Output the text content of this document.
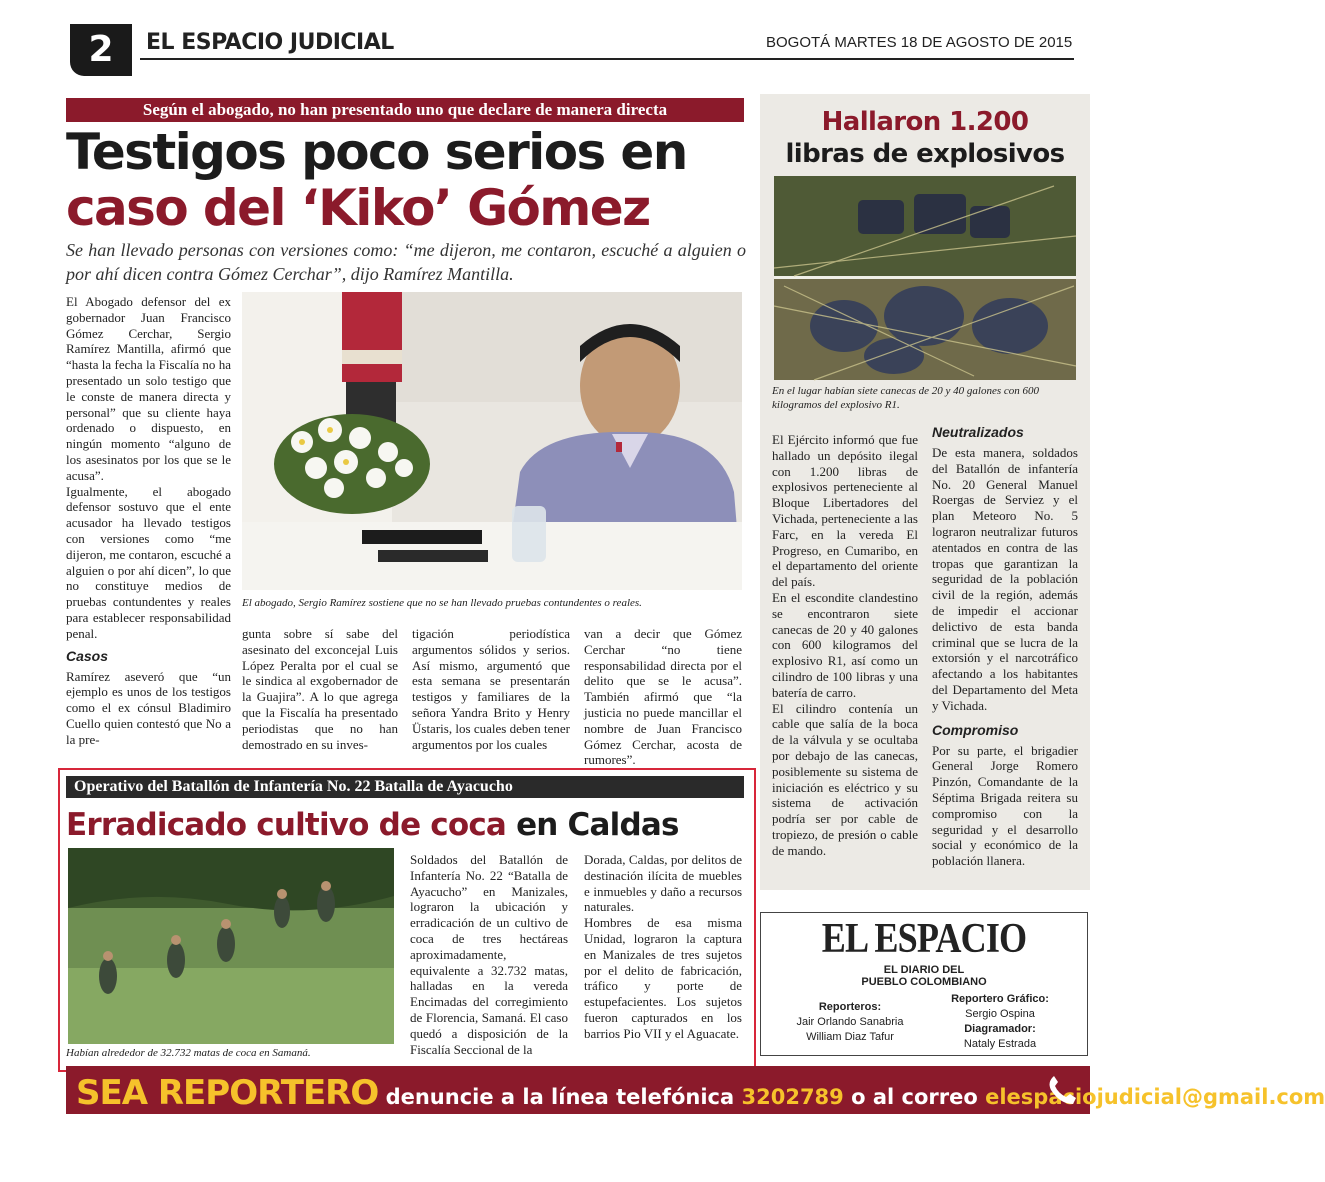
2	EL ESPACIO JUDICIAL	BOGOTÁ MARTES 18 DE AGOSTO DE 2015
Según el abogado, no han presentado uno que declare de manera directa
Testigos poco serios en
caso del ‘Kiko’ Gómez
Se han llevado personas con versiones como: “me dijeron, me contaron, escuché a alguien o por ahí dicen contra Gómez Cerchar”, dijo Ramírez Mantilla.
El Abogado defensor del ex gobernador Juan Francisco Gómez Cerchar, Sergio Ramírez Mantilla, afirmó que “hasta la fecha la Fiscalía no ha presentado un solo testigo que le conste de manera directa y personal” que su cliente haya ordenado o dispuesto, en ningún momento “alguno de los asesinatos por los que se le acusa”.
Igualmente, el abogado defensor sostuvo que el ente acusador ha llevado testigos con versiones como “me dijeron, me contaron, escuché a alguien o por ahí dicen”, lo que no constituye medios de pruebas contundentes y reales para establecer responsabilidad penal.
Casos
Ramírez aseveró que “un ejemplo es unos de los testigos como el ex cónsul Bladimiro Cuello quien contestó que No a la pre-
El abogado, Sergio Ramírez sostiene que no se han llevado pruebas contundentes o reales.
gunta sobre sí sabe del asesinato del exconcejal Luis López Peralta por el cual se le sindica al exgobernador de la Guajira”. A lo que agrega que la Fiscalía ha presentado periodistas que no han demostrado en su inves-
tigación periodística argumentos sólidos y serios. Así mismo, argumentó que esta semana se presentarán testigos y familiares de la señora Yandra Brito y Henry Üstaris, los cuales deben tener argumentos por los cuales
van a decir que Gómez Cerchar “no tiene responsabilidad directa por el delito que se le acusa”. También afirmó que “la justicia no puede mancillar el nombre de Juan Francisco Gómez Cerchar, acosta de rumores”.
Hallaron 1.200
libras de explosivos
En el lugar habían siete canecas de 20 y 40 galones con 600 kilogramos del explosivo R1.
El Ejército informó que fue hallado un depósito ilegal con 1.200 libras de explosivos perteneciente al Bloque Libertadores del Vichada, perteneciente a las Farc, en la vereda El Progreso, en Cumaribo, en el departamento del oriente del país.
En el escondite clandestino se encontraron siete canecas de 20 y 40 galones con 600 kilogramos del explosivo R1, así como un cilindro de 100 libras y una batería de carro.
El cilindro contenía un cable que salía de la boca de la válvula y se ocultaba por debajo de las canecas, posiblemente su sistema de iniciación es eléctrico y su sistema de activación podría ser por cable de tropiezo, de presión o cable de mando.
Neutralizados
De esta manera, soldados del Batallón de infantería No. 20 General Manuel Roergas de Serviez y el plan Meteoro No. 5 lograron neutralizar futuros atentados en contra de las tropas que garantizan la seguridad de la población civil de la región, además de impedir el accionar delictivo de esta banda criminal que se lucra de la extorsión y el narcotráfico afectando a los habitantes del Departamento del Meta y Vichada.
Compromiso
Por su parte, el brigadier General Jorge Romero Pinzón, Comandante de la Séptima Brigada reitera su compromiso con la seguridad y el desarrollo social y económico de la población llanera.
EL ESPACIO
EL DIARIO DEL
PUEBLO COLOMBIANO
Reporteros:
Jair Orlando Sanabria
William Diaz Tafur
Reportero Gráfico:
Sergio Ospina
Diagramador:
Nataly Estrada
Operativo del Batallón de Infantería No. 22 Batalla de Ayacucho
Erradicado cultivo de coca en Caldas
Habían alrededor de 32.732 matas de coca en Samaná.
Soldados del Batallón de Infantería No. 22 “Batalla de Ayacucho” en Manizales, lograron la ubicación y erradicación de un cultivo de coca de tres hectáreas aproximadamente, equivalente a 32.732 matas, halladas en la vereda Encimadas del corregimiento de Florencia, Samaná. El caso quedó a disposición de la Fiscalía Seccional de la
Dorada, Caldas, por delitos de destinación ilícita de muebles e inmuebles y daño a recursos naturales.
Hombres de esa misma Unidad, lograron la captura en Manizales de tres sujetos por el delito de fabricación, tráfico y porte de estupefacientes. Los sujetos fueron capturados en los barrios Pio VII y el Aguacate.
SEA REPORTERO denuncie a la línea telefónica 3202789 o al correo elespaciojudicial@gmail.com
